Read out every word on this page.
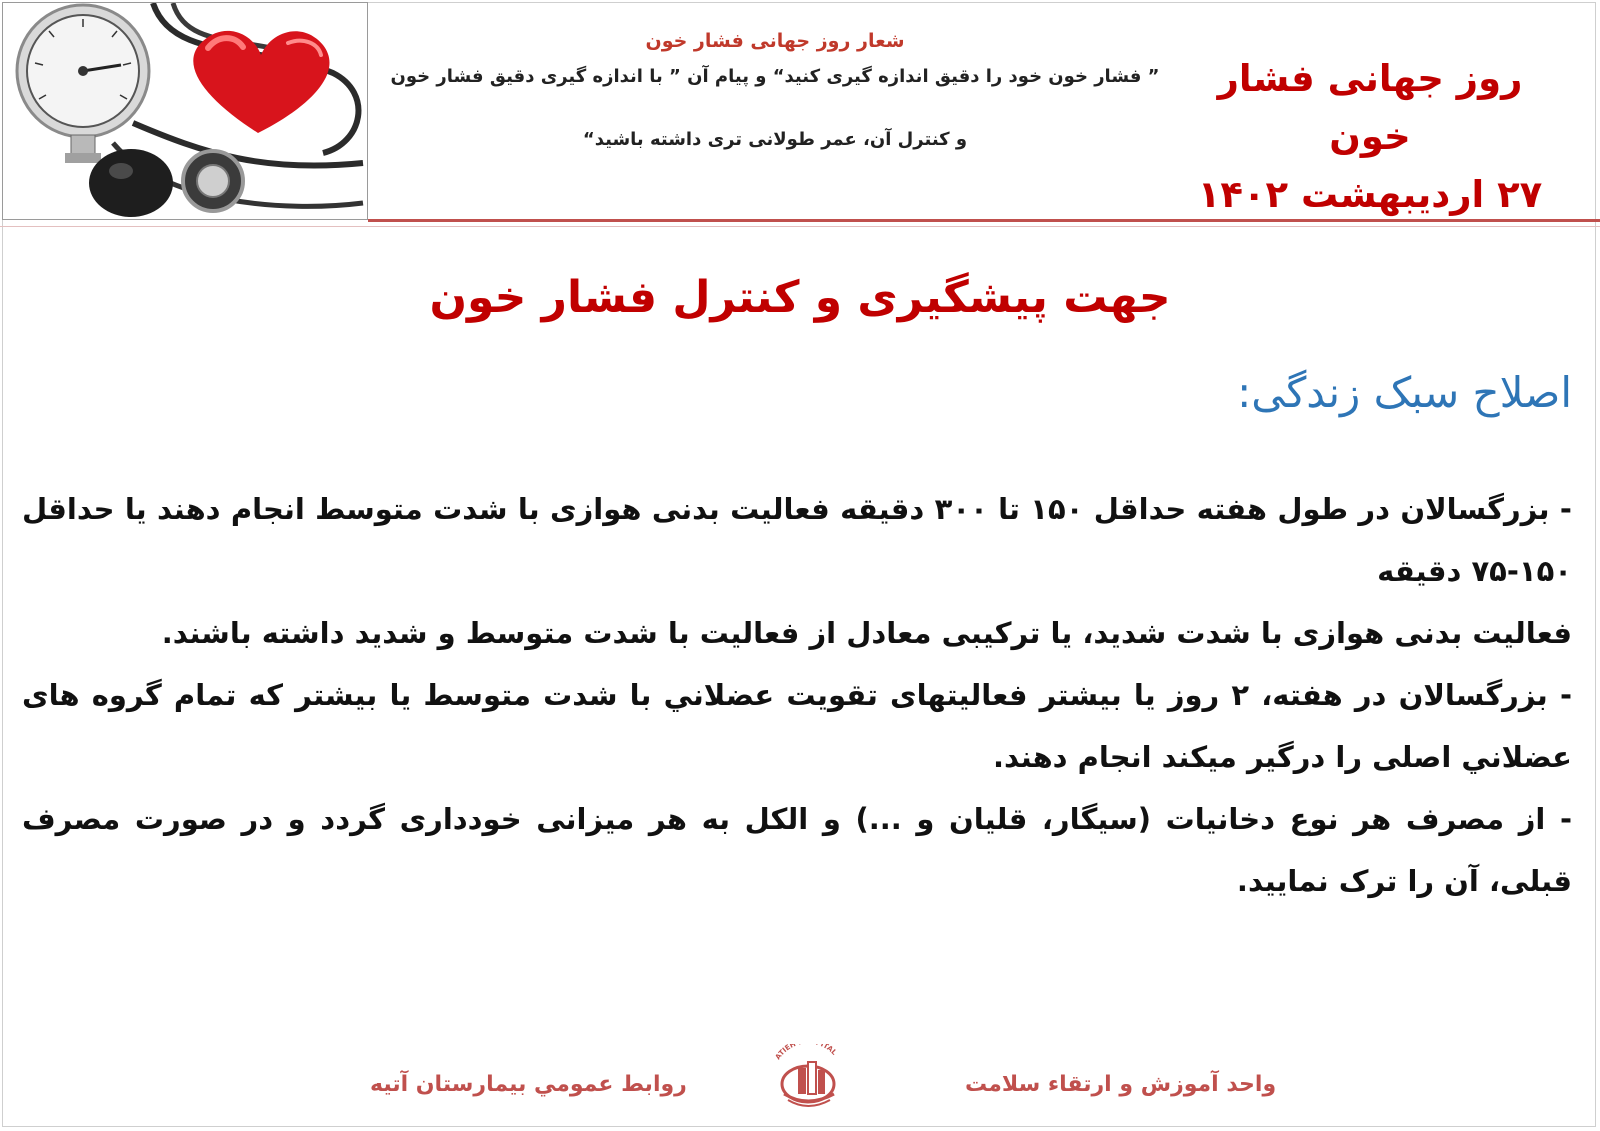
شعار روز جهانی فشار خون
” فشار خون خود را دقیق اندازه گیری کنید“ و پیام آن ” با اندازه گیری دقیق فشار خون
و کنترل آن، عمر طولانی تری داشته باشید“
روز جهانی فشار خون
۲۷ اردیبهشت ۱۴۰۲
جهت پیشگیری و کنترل فشار خون
اصلاح سبک زندگی:

- بزرگسالان در طول هفته حداقل ۱۵۰ تا ۳۰۰ دقیقه فعالیت بدنی هوازی با شدت متوسط انجام دهند یا حداقل ۱۵۰-۷۵ دقیقه

فعالیت بدنی هوازی با شدت شدید، یا ترکیبی معادل از فعالیت با شدت متوسط و شدید داشته باشند.

- بزرگسالان در هفته، ۲ روز یا بیشتر فعالیتهای تقویت عضلاني با شدت متوسط یا بیشتر که تمام گروه های عضلاني اصلی را درگیر میکند انجام دهند.

- از مصرف هر نوع دخانیات (سیگار، قلیان و ...) و الکل به هر میزانی خودداری گردد و در صورت مصرف قبلی، آن را ترک نمایید.

روابط عمومي بيمارستان آتیه
ATIEH ITAL
واحد آموزش و ارتقاء سلامت
